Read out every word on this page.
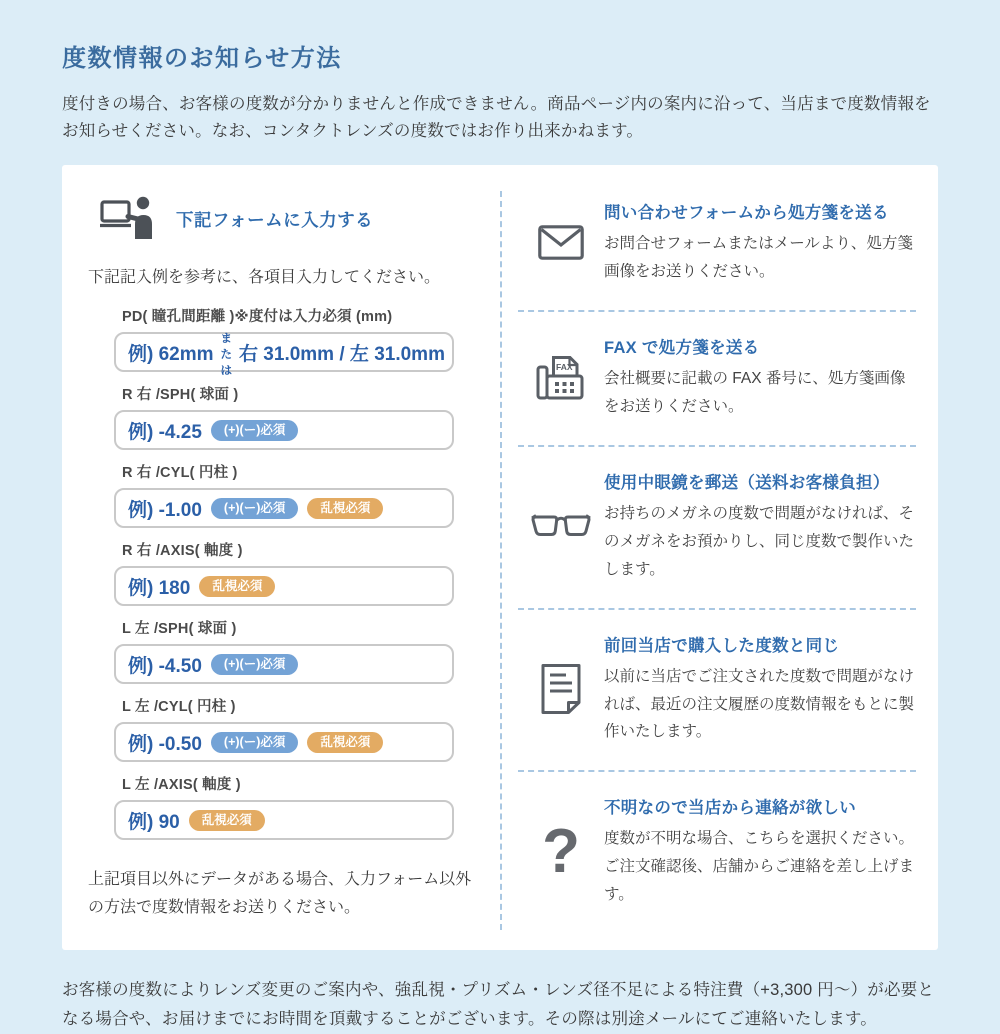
度数情報のお知らせ方法

度付きの場合、お客様の度数が分かりませんと作成できません。商品ページ内の案内に沿って、当店まで度数情報をお知らせください。なお、コンタクトレンズの度数ではお作り出来かねます。

下記フォームに入力する

下記記入例を参考に、各項目入力してください。

PD( 瞳孔間距離 )※度付は入力必須 (mm)
例) 62mm
または
右 31.0mm / 左 31.0mm
R 右 /SPH( 球面 )
例) -4.25	(+)(ー)必須
R 右 /CYL( 円柱 )
例) -1.00	(+)(ー)必須	乱視必須
R 右 /AXIS( 軸度 )
例) 180	乱視必須
L 左 /SPH( 球面 )
例) -4.50	(+)(ー)必須
L 左 /CYL( 円柱 )
例) -0.50	(+)(ー)必須	乱視必須
L 左 /AXIS( 軸度 )
例) 90	乱視必須

上記項目以外にデータがある場合、入力フォーム以外の方法で度数情報をお送りください。

問い合わせフォームから処方箋を送る
お問合せフォームまたはメールより、処方箋画像をお送りください。
FAX
FAX で処方箋を送る
会社概要に記載の FAX 番号に、処方箋画像をお送りください。
使用中眼鏡を郵送（送料お客様負担）
お持ちのメガネの度数で問題がなければ、そのメガネをお預かりし、同じ度数で製作いたします。
前回当店で購入した度数と同じ
以前に当店でご注文された度数で問題がなければ、最近の注文履歴の度数情報をもとに製作いたします。
?
不明なので当店から連絡が欲しい
度数が不明な場合、こちらを選択ください。ご注文確認後、店舗からご連絡を差し上げます。

お客様の度数によりレンズ変更のご案内や、強乱視・プリズム・レンズ径不足による特注費（+3,300 円～）が必要となる場合や、お届けまでにお時間を頂戴することがございます。その際は別途メールにてご連絡いたします。
